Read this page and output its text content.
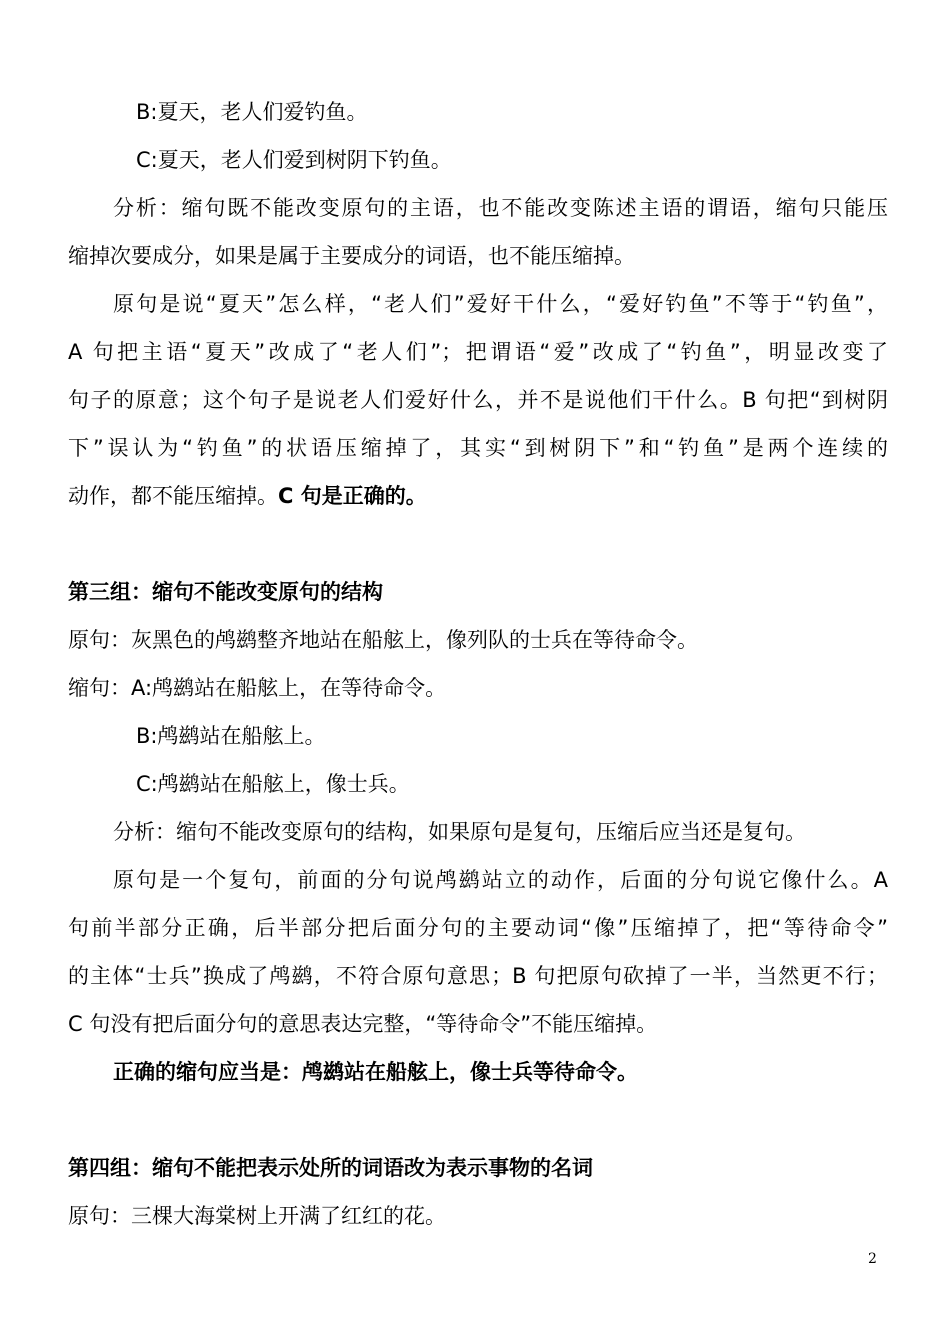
B:夏天，老人们爱钓鱼。
C:夏天，老人们爱到树阴下钓鱼。
分析：缩句既不能改变原句的主语，也不能改变陈述主语的谓语，缩句只能压
缩掉次要成分，如果是属于主要成分的词语，也不能压缩掉。
原句是说“夏天”怎么样，“老人们”爱好干什么，“爱好钓鱼”不等于“钓鱼”，
A 句把主语“夏天”改成了“老人们”；把谓语“爱”改成了“钓鱼”，明显改变了
句子的原意；这个句子是说老人们爱好什么，并不是说他们干什么。B 句把“到树阴
下”误认为“钓鱼”的状语压缩掉了，其实“到树阴下”和“钓鱼”是两个连续的
动作，都不能压缩掉。C 句是正确的。
第三组：缩句不能改变原句的结构
原句：灰黑色的鸬鹚整齐地站在船舷上，像列队的士兵在等待命令。
缩句：A:鸬鹚站在船舷上，在等待命令。
B:鸬鹚站在船舷上。
C:鸬鹚站在船舷上，像士兵。
分析：缩句不能改变原句的结构，如果原句是复句，压缩后应当还是复句。
原句是一个复句，前面的分句说鸬鹚站立的动作，后面的分句说它像什么。A
句前半部分正确，后半部分把后面分句的主要动词“像”压缩掉了，把“等待命令”
的主体“士兵”换成了鸬鹚，不符合原句意思；B 句把原句砍掉了一半，当然更不行；
C 句没有把后面分句的意思表达完整，“等待命令”不能压缩掉。
正确的缩句应当是：鸬鹚站在船舷上，像士兵等待命令。
第四组：缩句不能把表示处所的词语改为表示事物的名词
原句：三棵大海棠树上开满了红红的花。
2
